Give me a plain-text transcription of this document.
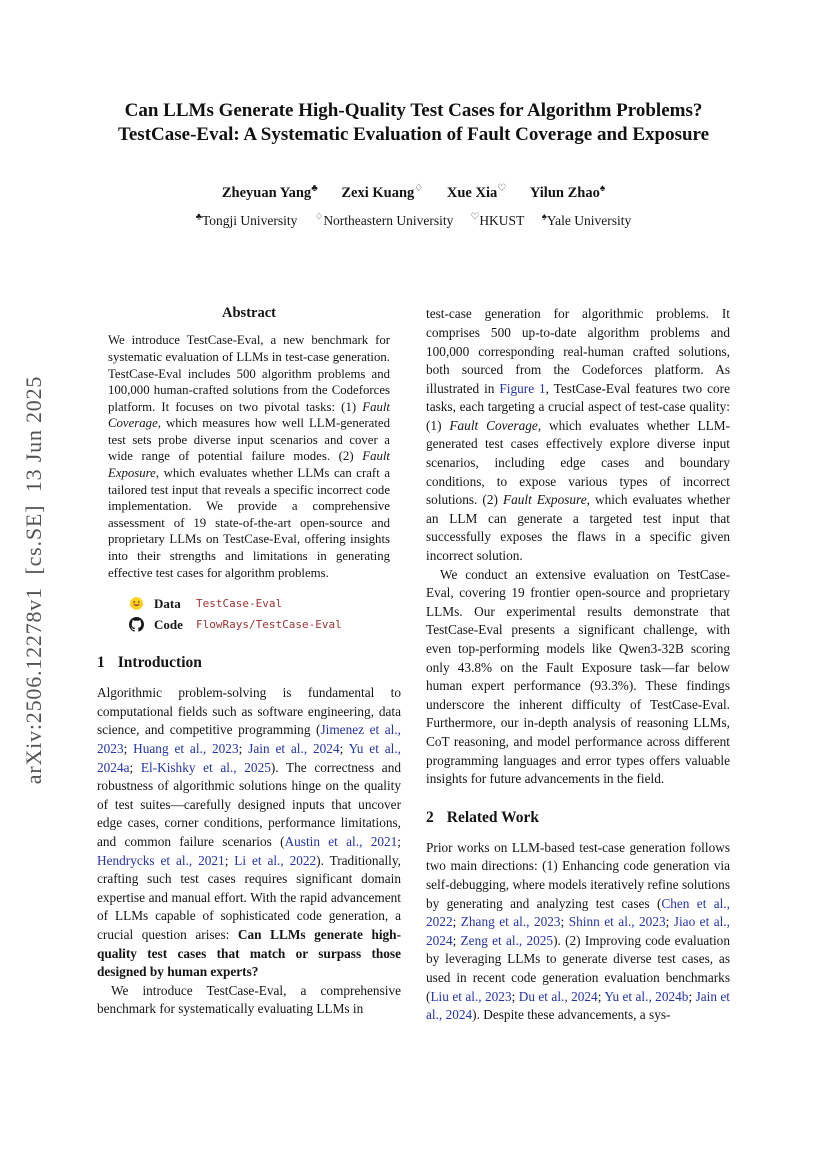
arXiv:2506.12278v1  [cs.SE]  13 Jun 2025
Can LLMs Generate High-Quality Test Cases for Algorithm Problems?
TestCase-Eval: A Systematic Evaluation of Fault Coverage and Exposure
Zheyuan Yang♣ Zexi Kuang♢ Xue Xia♡ Yilun Zhao♠
♣Tongji University ♢Northeastern University ♡HKUST ♠Yale University
Abstract

We introduce TestCase-Eval, a new benchmark for systematic evaluation of LLMs in test-case generation. TestCase-Eval includes 500 algorithm problems and 100,000 human-crafted solutions from the Codeforces platform. It focuses on two pivotal tasks: (1) Fault Coverage, which measures how well LLM-generated test sets probe diverse input scenarios and cover a wide range of potential failure modes. (2) Fault Exposure, which evaluates whether LLMs can craft a tailored test input that reveals a specific incorrect code implementation. We provide a comprehensive assessment of 19 state-of-the-art open-source and proprietary LLMs on TestCase-Eval, offering insights into their strengths and limitations in generating effective test cases for algorithm problems.

Data	TestCase-Eval
Code	FlowRays/TestCase-Eval
1 Introduction

Algorithmic problem-solving is fundamental to computational fields such as software engineering, data science, and competitive programming (Jimenez et al., 2023; Huang et al., 2023; Jain et al., 2024; Yu et al., 2024a; El-Kishky et al., 2025). The correctness and robustness of algorithmic solutions hinge on the quality of test suites—carefully designed inputs that uncover edge cases, corner conditions, performance limitations, and common failure scenarios (Austin et al., 2021; Hendrycks et al., 2021; Li et al., 2022). Traditionally, crafting such test cases requires significant domain expertise and manual effort. With the rapid advancement of LLMs capable of sophisticated code generation, a crucial question arises: Can LLMs generate high-quality test cases that match or surpass those designed by human experts?

We introduce TestCase-Eval, a comprehensive benchmark for systematically evaluating LLMs in

test-case generation for algorithmic problems. It comprises 500 up-to-date algorithm problems and 100,000 corresponding real-human crafted solutions, both sourced from the Codeforces platform. As illustrated in Figure 1, TestCase-Eval features two core tasks, each targeting a crucial aspect of test-case quality: (1) Fault Coverage, which evaluates whether LLM-generated test cases effectively explore diverse input scenarios, including edge cases and boundary conditions, to expose various types of incorrect solutions. (2) Fault Exposure, which evaluates whether an LLM can generate a targeted test input that successfully exposes the flaws in a specific given incorrect solution.

We conduct an extensive evaluation on TestCase-Eval, covering 19 frontier open-source and proprietary LLMs. Our experimental results demonstrate that TestCase-Eval presents a significant challenge, with even top-performing models like Qwen3-32B scoring only 43.8% on the Fault Exposure task—far below human expert performance (93.3%). These findings underscore the inherent difficulty of TestCase-Eval. Furthermore, our in-depth analysis of reasoning LLMs, CoT reasoning, and model performance across different programming languages and error types offers valuable insights for future advancements in the field.

2 Related Work

Prior works on LLM-based test-case generation follows two main directions: (1) Enhancing code generation via self-debugging, where models iteratively refine solutions by generating and analyzing test cases (Chen et al., 2022; Zhang et al., 2023; Shinn et al., 2023; Jiao et al., 2024; Zeng et al., 2025). (2) Improving code evaluation by leveraging LLMs to generate diverse test cases, as used in recent code generation evaluation benchmarks (Liu et al., 2023; Du et al., 2024; Yu et al., 2024b; Jain et al., 2024). Despite these advancements, a sys-
